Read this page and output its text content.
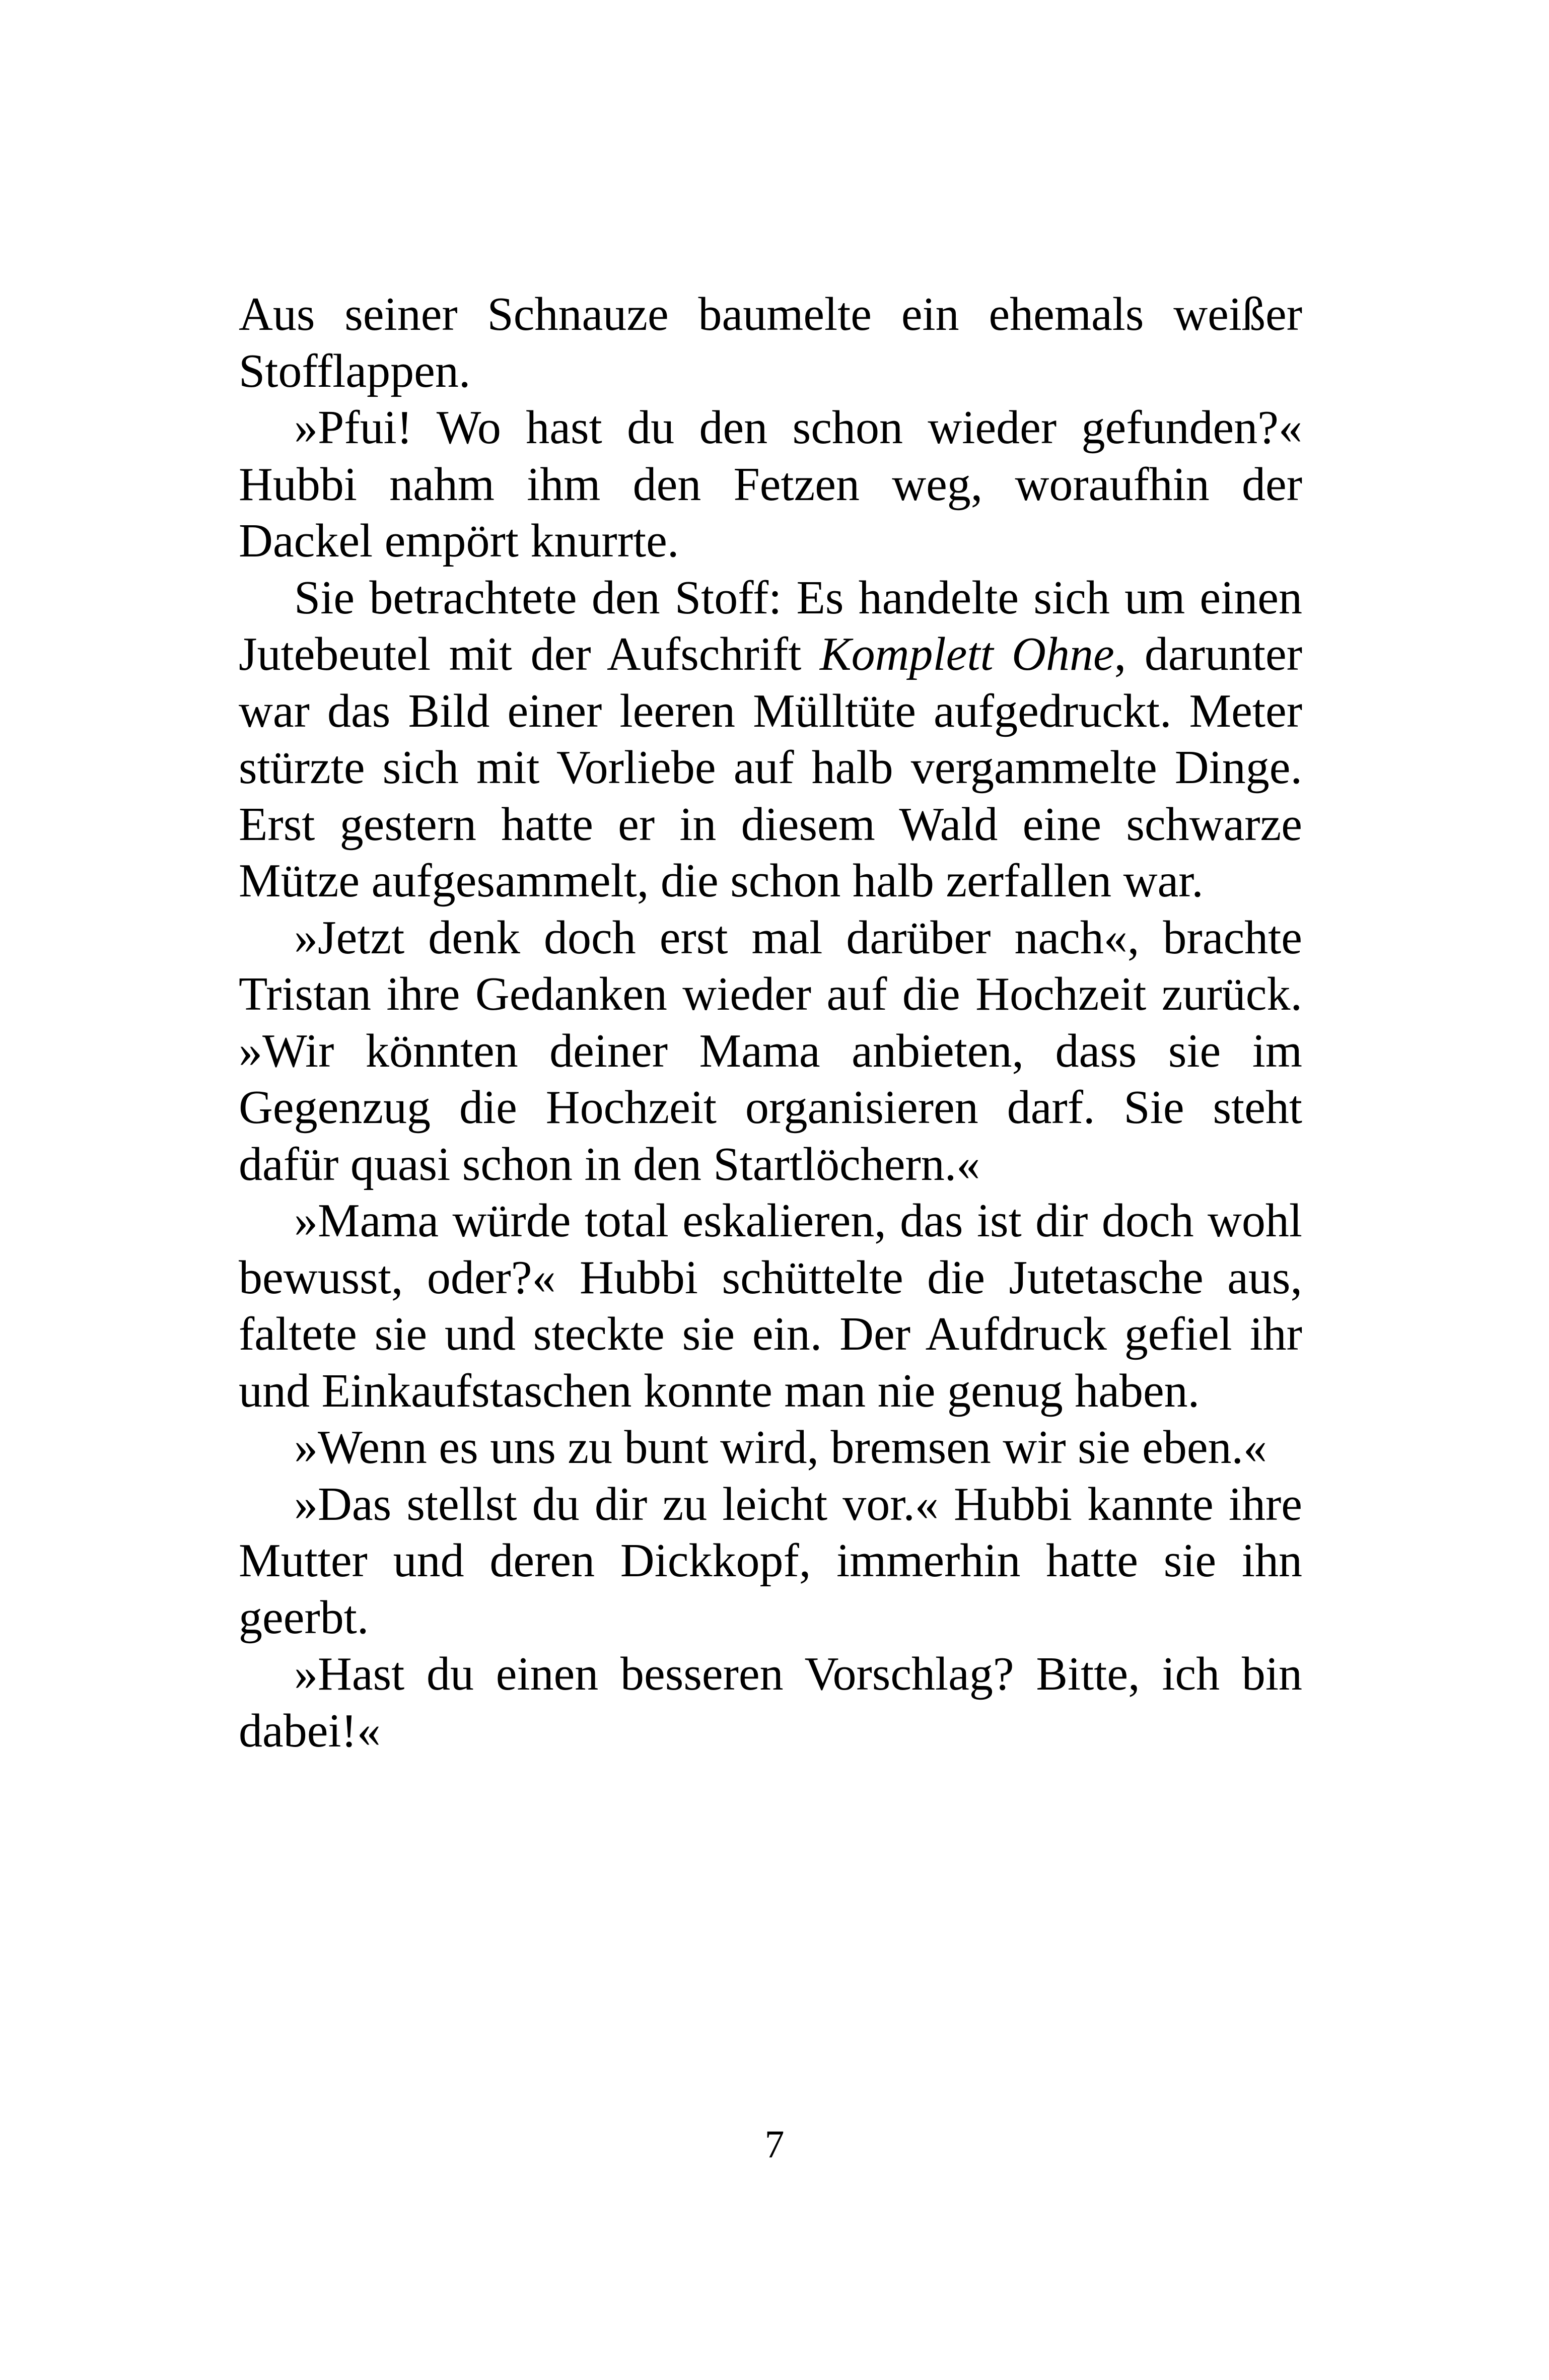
Aus seiner Schnauze baumelte ein ehemals weißer Stofflappen.

»Pfui! Wo hast du den schon wieder gefunden?« Hubbi nahm ihm den Fetzen weg, woraufhin der Dackel empört knurrte.

Sie betrachtete den Stoff: Es handelte sich um einen Jutebeutel mit der Aufschrift Komplett Ohne, darunter war das Bild einer leeren Mülltüte aufgedruckt. Meter stürzte sich mit Vorliebe auf halb vergammelte Dinge. Erst gestern hatte er in diesem Wald eine schwarze Mütze aufgesammelt, die schon halb zerfallen war.

»Jetzt denk doch erst mal darüber nach«, brachte Tristan ihre Gedanken wieder auf die Hochzeit zurück. »Wir könnten deiner Mama anbieten, dass sie im Gegenzug die Hochzeit organisieren darf. Sie steht dafür quasi schon in den Startlöchern.«

»Mama würde total eskalieren, das ist dir doch wohl bewusst, oder?« Hubbi schüttelte die Jutetasche aus, faltete sie und steckte sie ein. Der Aufdruck gefiel ihr und Einkaufstaschen konnte man nie genug haben.

»Wenn es uns zu bunt wird, bremsen wir sie eben.«

»Das stellst du dir zu leicht vor.« Hubbi kannte ihre Mutter und deren Dickkopf, immerhin hatte sie ihn geerbt.

»Hast du einen besseren Vorschlag? Bitte, ich bin dabei!«

7
